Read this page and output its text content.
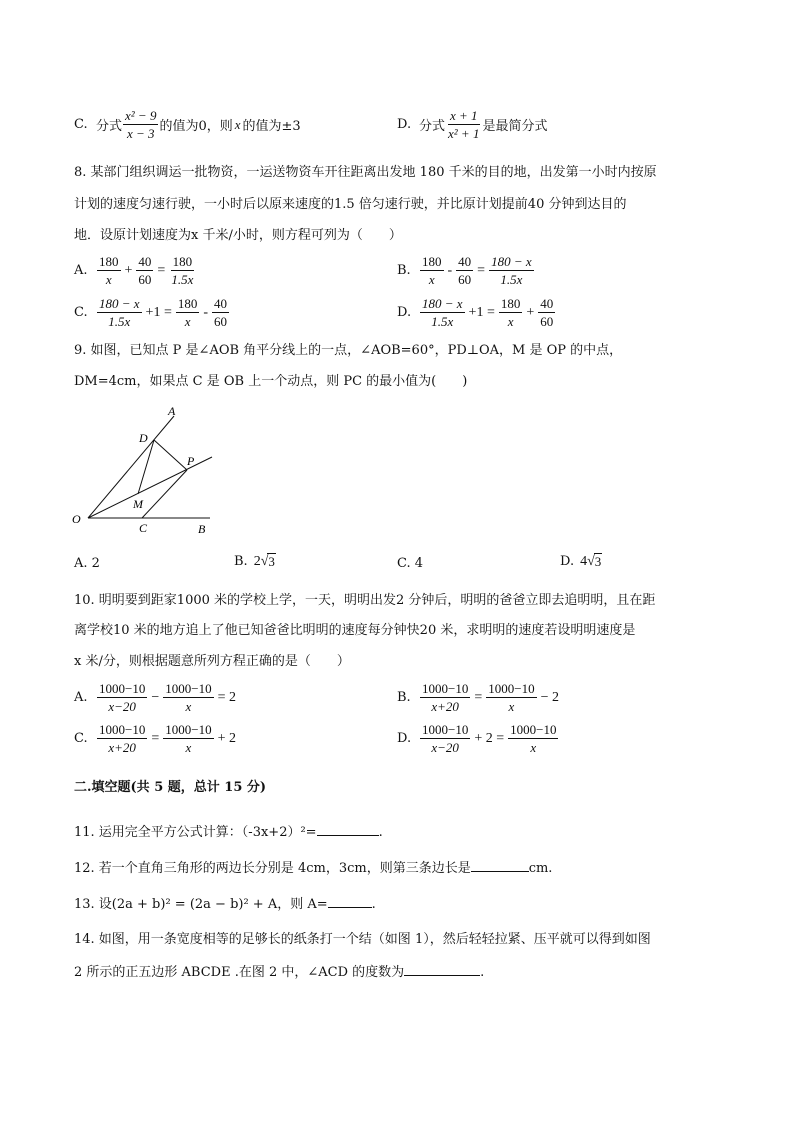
C. 分式 $\frac{\text{x² − 9}}{x - 3}$ 的值为0，则 x 的值为±3	D. 分式 $\frac{x + 1}{\text{x² + 1}}$ 是最简分式
8. 某部门组织调运一批物资，一运送物资车开往距离出发地 180 千米的目的地，出发第一小时内按原
计划的速度匀速行驶，一小时后以原来速度的1.5 倍匀速行驶，并比原计划提前40 分钟到达目的
地．设原计划速度为x 千米/小时，则方程可列为（　　）
A. $\frac{180}{x} + \frac{40}{60} = \frac{180}{1.5x}$	B. $\frac{180}{x} - \frac{40}{60} = \frac{180 - x}{1.5x}$
C. $\frac{180 - x}{1.5x} +1 = \frac{180}{x} - \frac{40}{60}$	D. $\frac{180 - x}{1.5x} +1 = \frac{180}{x} + \frac{40}{60}$
9. 如图，已知点 P 是∠AOB 角平分线上的一点，∠AOB=60°，PD⊥OA，M 是 OP 的中点，
DM=4cm，如果点 C 是 OB 上一个动点，则 PC 的最小值为(　　)
A
D
P
M
O
C	B
A. 2	B. 2 √ 3	C. 4	D. 4 √ 3
10. 明明要到距家1000 米的学校上学，一天，明明出发2 分钟后，明明的爸爸立即去追明明，且在距
离学校10 米的地方追上了他已知爸爸比明明的速度每分钟快20 米，求明明的速度若设明明速度是
x 米/分，则根据题意所列方程正确的是（　　）
A. $\frac{1000-10}{x-20} - \frac{1000-10}{x} = 2$	B. $\frac{1000-10}{x+20} = \frac{1000-10}{x} - 2$
C. $\frac{1000-10}{x+20} = \frac{1000-10}{x} + 2$	D. $\frac{1000-10}{x-20} + 2 = \frac{1000-10}{x}$
二.填空题(共 5 题，总计 15 分)
11. 运用完全平方公式计算：（-3x+2）²=	.
12. 若一个直角三角形的两边长分别是 4cm，3cm，则第三条边长是	cm.
13. 设(2a + b)² = (2a − b)² + A，则 A=	.
14. 如图，用一条宽度相等的足够长的纸条打一个结（如图 1），然后轻轻拉紧、压平就可以得到如图
2 所示的正五边形 ABCDE .在图 2 中，∠ACD 的度数为	.
